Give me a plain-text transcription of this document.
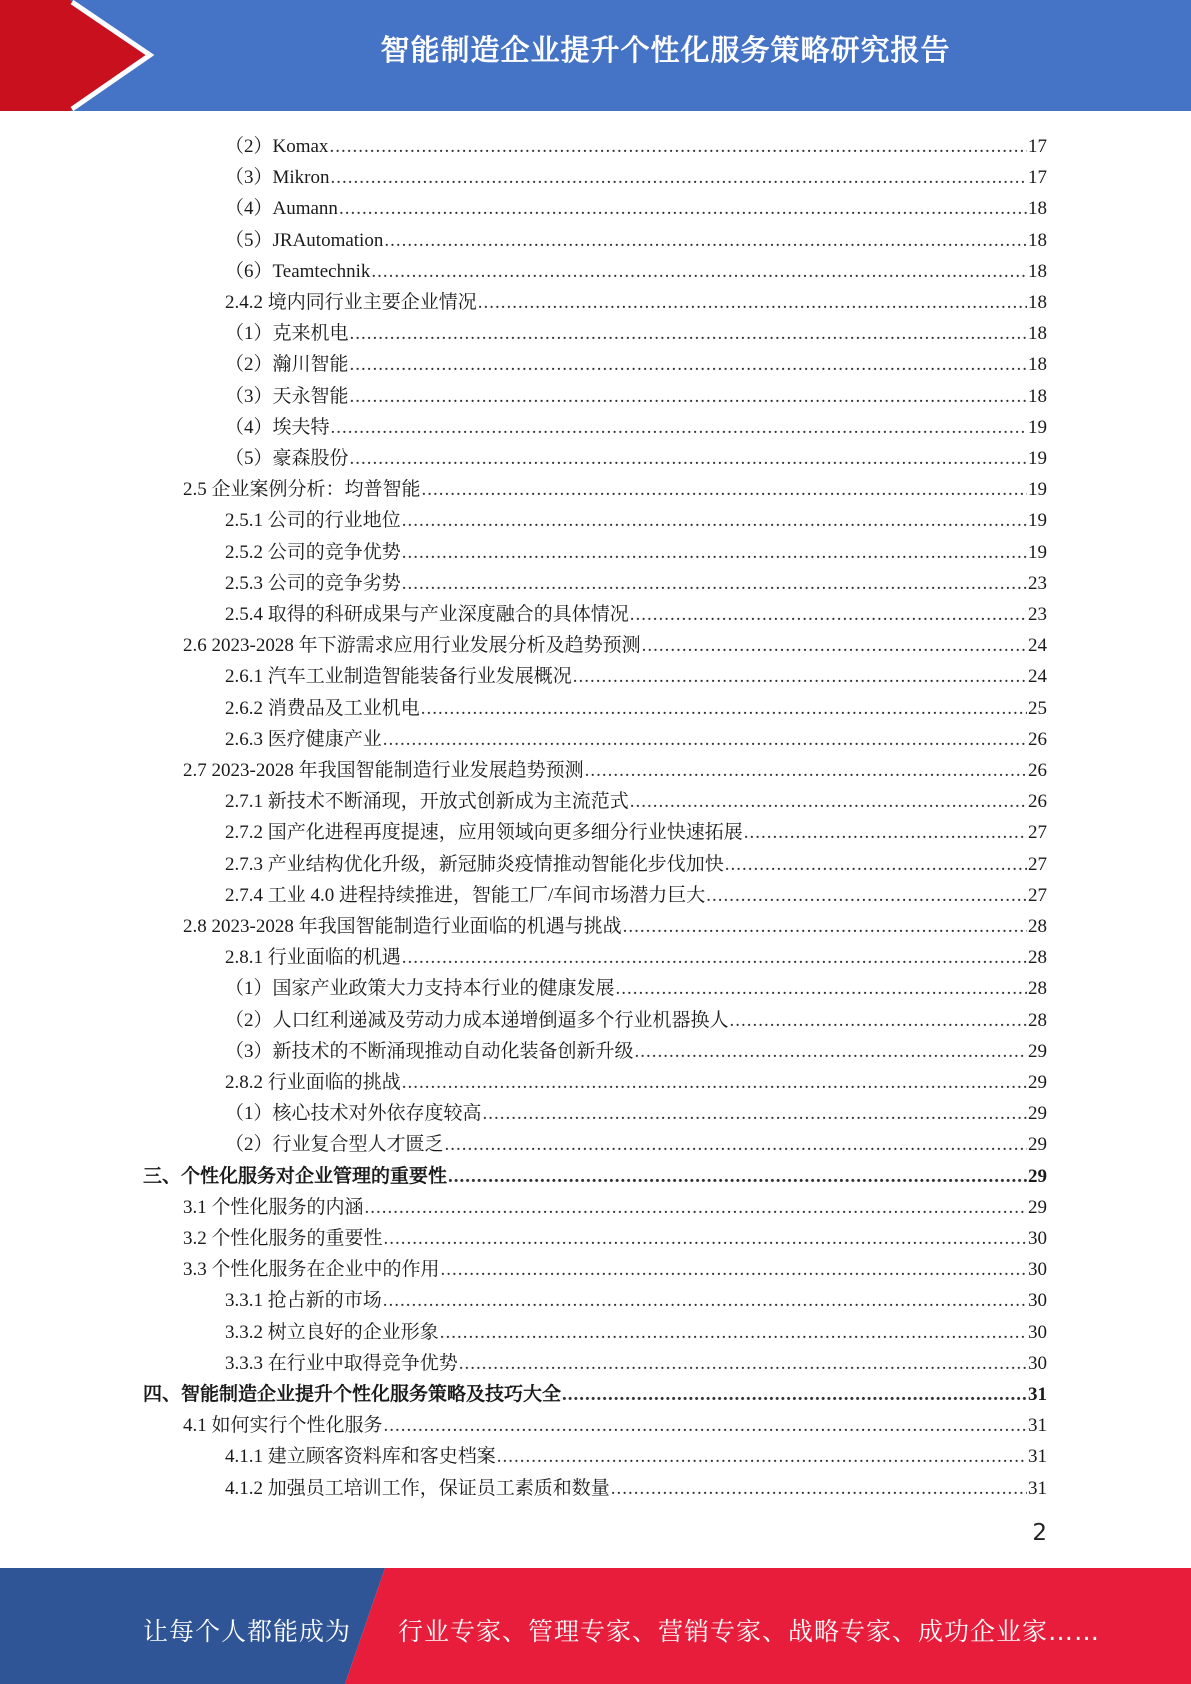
智能制造企业提升个性化服务策略研究报告
（2）Komax .....	17
（3）Mikron .....	17
（4）Aumann .....	18
（5）JRAutomation .....	18
（6）Teamtechnik .....	18
2.4.2 境内同行业主要企业情况 .....	18
（1）克来机电 .....	18
（2）瀚川智能 .....	18
（3）天永智能 .....	18
（4）埃夫特 .....	19
（5）豪森股份 .....	19
2.5 企业案例分析：均普智能 .....	19
2.5.1 公司的行业地位 .....	19
2.5.2 公司的竞争优势 .....	19
2.5.3 公司的竞争劣势 .....	23
2.5.4 取得的科研成果与产业深度融合的具体情况 .....	23
2.6 2023-2028 年下游需求应用行业发展分析及趋势预测 .....	24
2.6.1 汽车工业制造智能装备行业发展概况 .....	24
2.6.2 消费品及工业机电 .....	25
2.6.3 医疗健康产业 .....	26
2.7 2023-2028 年我国智能制造行业发展趋势预测 .....	26
2.7.1 新技术不断涌现，开放式创新成为主流范式 .....	26
2.7.2 国产化进程再度提速，应用领域向更多细分行业快速拓展 .....	27
2.7.3 产业结构优化升级，新冠肺炎疫情推动智能化步伐加快 .....	27
2.7.4 工业 4.0 进程持续推进，智能工厂/车间市场潜力巨大 .....	27
2.8 2023-2028 年我国智能制造行业面临的机遇与挑战 .....	28
2.8.1 行业面临的机遇 .....	28
（1）国家产业政策大力支持本行业的健康发展 .....	28
（2）人口红利递减及劳动力成本递增倒逼多个行业机器换人 .....	28
（3）新技术的不断涌现推动自动化装备创新升级 .....	29
2.8.2 行业面临的挑战 .....	29
（1）核心技术对外依存度较高 .....	29
（2）行业复合型人才匮乏 .....	29
三、个性化服务对企业管理的重要性 .....	29
3.1 个性化服务的内涵 .....	29
3.2 个性化服务的重要性 .....	30
3.3 个性化服务在企业中的作用 .....	30
3.3.1 抢占新的市场 .....	30
3.3.2 树立良好的企业形象 .....	30
3.3.3 在行业中取得竞争优势 .....	30
四、智能制造企业提升个性化服务策略及技巧大全 .....	31
4.1 如何实行个性化服务 .....	31
4.1.1 建立顾客资料库和客史档案 .....	31
4.1.2 加强员工培训工作，保证员工素质和数量 .....	31
2
让每个人都能成为 行业专家、管理专家、营销专家、战略专家、成功企业家……
